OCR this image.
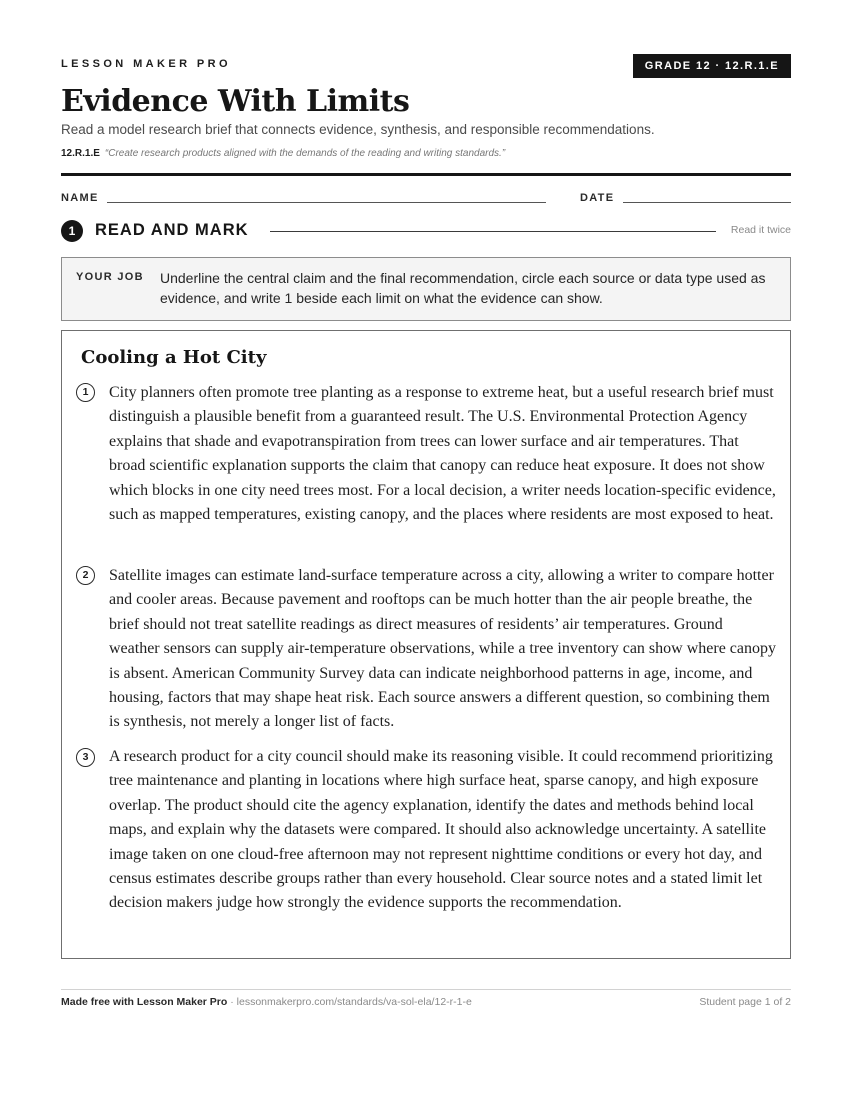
LESSON MAKER PRO	GRADE 12 · 12.R.1.E
Evidence With Limits
Read a model research brief that connects evidence, synthesis, and responsible recommendations.
12.R.1.E “Create research products aligned with the demands of the reading and writing standards.”
NAME	DATE
1	READ AND MARK	Read it twice
YOUR JOB Underline the central claim and the final recommendation, circle each source or data type used as evidence, and write 1 beside each limit on what the evidence can show.
Cooling a Hot City
1	City planners often promote tree planting as a response to extreme heat, but a useful research brief must distinguish a plausible benefit from a guaranteed result. The U.S. Environmental Protection Agency explains that shade and evapotranspiration from trees can lower surface and air temperatures. That broad scientific explanation supports the claim that canopy can reduce heat exposure. It does not show which blocks in one city need trees most. For a local decision, a writer needs location-specific evidence, such as mapped temperatures, existing canopy, and the places where residents are most exposed to heat.

2	Satellite images can estimate land-surface temperature across a city, allowing a writer to compare hotter and cooler areas. Because pavement and rooftops can be much hotter than the air people breathe, the brief should not treat satellite readings as direct measures of residents’ air temperatures. Ground weather sensors can supply air-temperature observations, while a tree inventory can show where canopy is absent. American Community Survey data can indicate neighborhood patterns in age, income, and housing, factors that may shape heat risk. Each source answers a different question, so combining them is synthesis, not merely a longer list of facts.

3	A research product for a city council should make its reasoning visible. It could recommend prioritizing tree maintenance and planting in locations where high surface heat, sparse canopy, and high exposure overlap. The product should cite the agency explanation, identify the dates and methods behind local maps, and explain why the datasets were compared. It should also acknowledge uncertainty. A satellite image taken on one cloud-free afternoon may not represent nighttime conditions or every hot day, and census estimates describe groups rather than every household. Clear source notes and a stated limit let decision makers judge how strongly the evidence supports the recommendation.

Made free with Lesson Maker Pro · lessonmakerpro.com/standards/va-sol-ela/12-r-1-e	Student page 1 of 2
